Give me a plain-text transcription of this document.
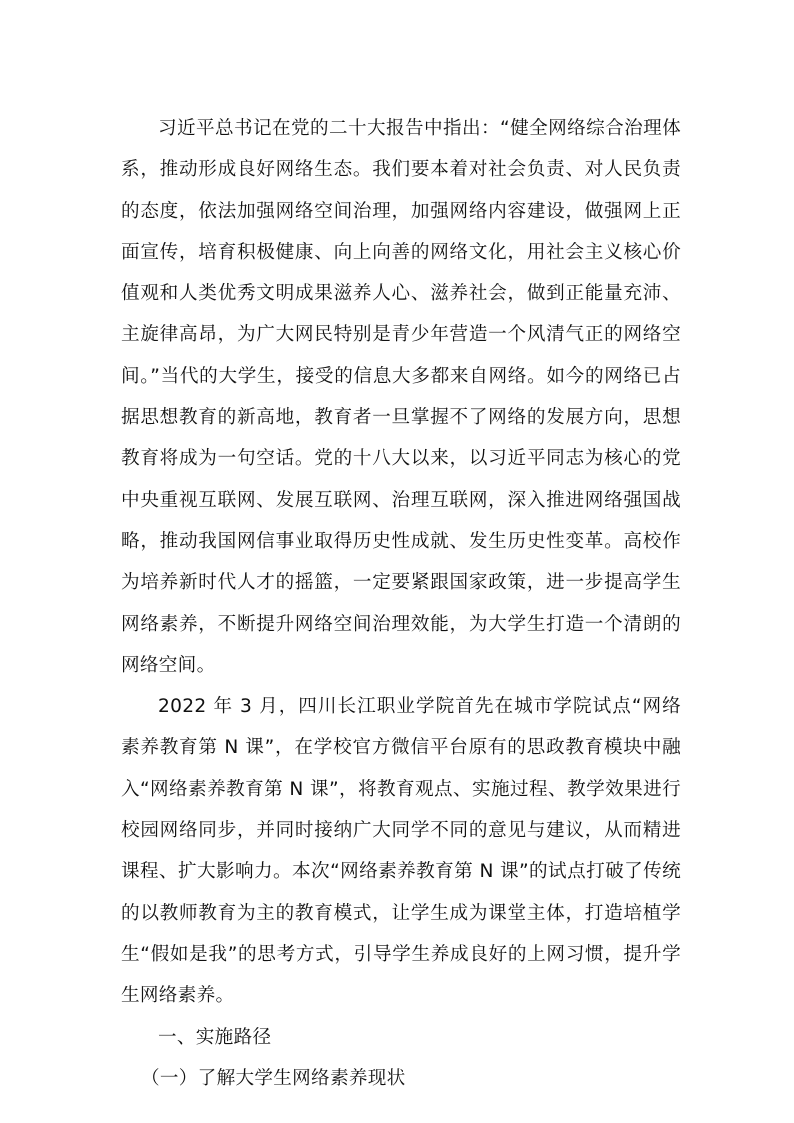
习近平总书记在党的二十大报告中指出：“健全网络综合治理体系，推动形成良好网络生态。我们要本着对社会负责、对人民负责的态度，依法加强网络空间治理，加强网络内容建设，做强网上正面宣传，培育积极健康、向上向善的网络文化，用社会主义核心价值观和人类优秀文明成果滋养人心、滋养社会，做到正能量充沛、主旋律高昂，为广大网民特别是青少年营造一个风清气正的网络空间。”当代的大学生，接受的信息大多都来自网络。如今的网络已占据思想教育的新高地，教育者一旦掌握不了网络的发展方向，思想教育将成为一句空话。党的十八大以来，以习近平同志为核心的党中央重视互联网、发展互联网、治理互联网，深入推进网络强国战略，推动我国网信事业取得历史性成就、发生历史性变革。高校作为培养新时代人才的摇篮，一定要紧跟国家政策，进一步提高学生网络素养，不断提升网络空间治理效能，为大学生打造一个清朗的网络空间。

2022 年 3 月，四川长江职业学院首先在城市学院试点“网络素养教育第 N 课”，在学校官方微信平台原有的思政教育模块中融入“网络素养教育第 N 课”，将教育观点、实施过程、教学效果进行校园网络同步，并同时接纳广大同学不同的意见与建议，从而精进课程、扩大影响力。本次“网络素养教育第 N 课”的试点打破了传统的以教师教育为主的教育模式，让学生成为课堂主体，打造培植学生“假如是我”的思考方式，引导学生养成良好的上网习惯，提升学生网络素养。

一、实施路径

（一）了解大学生网络素养现状
